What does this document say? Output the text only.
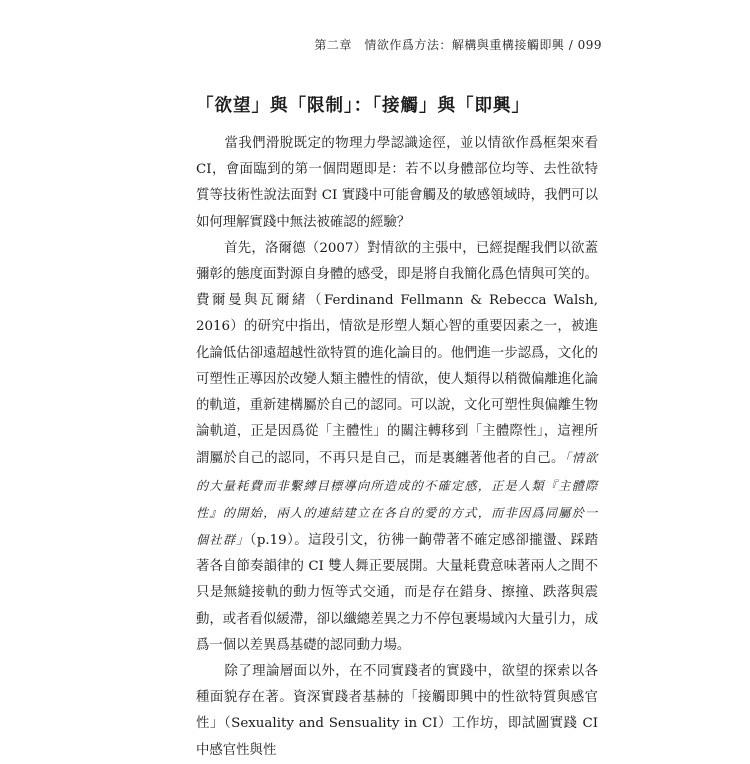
第二章　情欲作爲方法：解構與重構接觸即興 / 099
「欲望」與「限制」：「接觸」與「即興」

當我們滑脫既定的物理力學認識途徑，並以情欲作爲框架來看CI，會面臨到的第一個問題即是：若不以身體部位均等、去性欲特質等技術性說法面對 CI 實踐中可能會觸及的敏感領域時，我們可以如何理解實踐中無法被確認的經驗？

首先，洛爾德（2007）對情欲的主張中，已經提醒我們以欲蓋彌彰的態度面對源自身體的感受，即是將自我簡化爲色情與可笑的。費爾曼與瓦爾緒（Ferdinand Fellmann & Rebecca Walsh, 2016）的研究中指出，情欲是形塑人類心智的重要因素之一，被進化論低估卻遠超越性欲特質的進化論目的。他們進一步認爲，文化的可塑性正導因於改變人類主體性的情欲，使人類得以稍微偏離進化論的軌道，重新建構屬於自己的認同。可以說，文化可塑性與偏離生物論軌道，正是因爲從「主體性」的關注轉移到「主體際性」，這裡所謂屬於自己的認同，不再只是自己，而是裏纏著他者的自己。「情欲的大量耗費而非繫縛目標導向所造成的不確定感，正是人類『主體際性』的開始，兩人的連結建立在各自的愛的方式，而非因爲同屬於一個社群」（p.19）。這段引文，彷彿一齣帶著不確定感卻攏盪、踩踏著各自節奏韻律的 CI 雙人舞正要展開。大量耗費意味著兩人之間不只是無縫接軌的動力恆等式交通，而是存在錯身、擦撞、跌落與震動，或者看似緩滯，卻以纖總差異之力不停包裹場域內大量引力，成爲一個以差異爲基礎的認同動力場。

除了理論層面以外，在不同實踐者的實踐中，欲望的探索以各種面貌存在著。資深實踐者基赫的「接觸即興中的性欲特質與感官性」（Sexuality and Sensuality in CI）工作坊，即試圖實踐 CI 中感官性與性
